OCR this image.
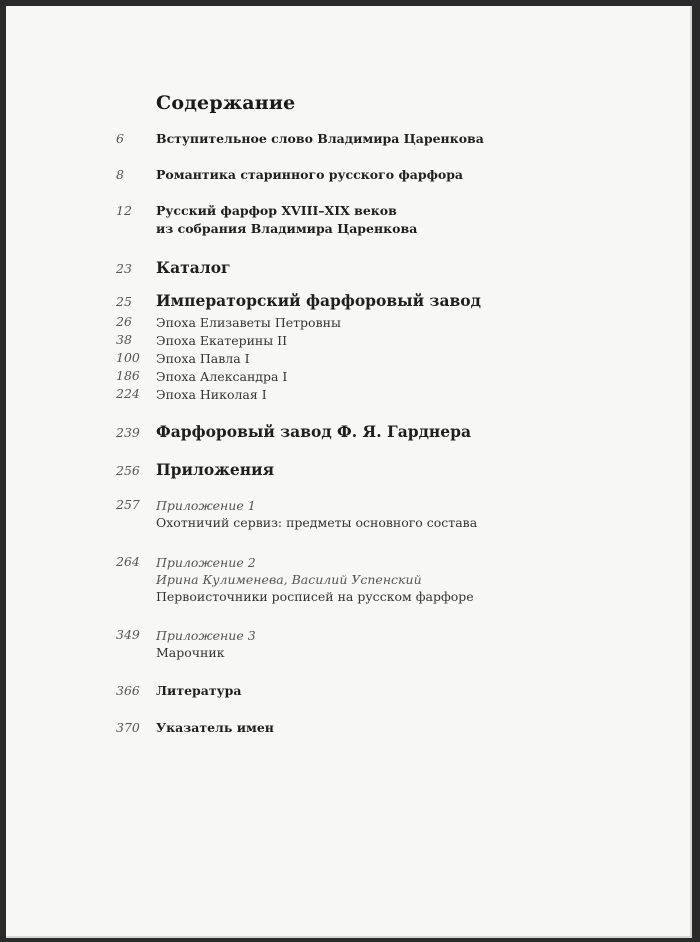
Содержание
6	Вступительное слово Владимира Царенкова
8	Романтика старинного русского фарфора
12	Русский фарфор XVIII–XIX веков
из собрания Владимира Царенкова
23	Каталог
25	Императорский фарфоровый завод
26	Эпоха Елизаветы Петровны
38	Эпоха Екатерины II
100	Эпоха Павла I
186	Эпоха Александра I
224	Эпоха Николая I
239	Фарфоровый завод Ф. Я. Гарднера
256	Приложения
257	Приложение 1
Охотничий сервиз: предметы основного состава
264	Приложение 2
Ирина Кулименева, Василий Успенский
Первоисточники росписей на русском фарфоре
349	Приложение 3
Марочник
366	Литература
370	Указатель имен
